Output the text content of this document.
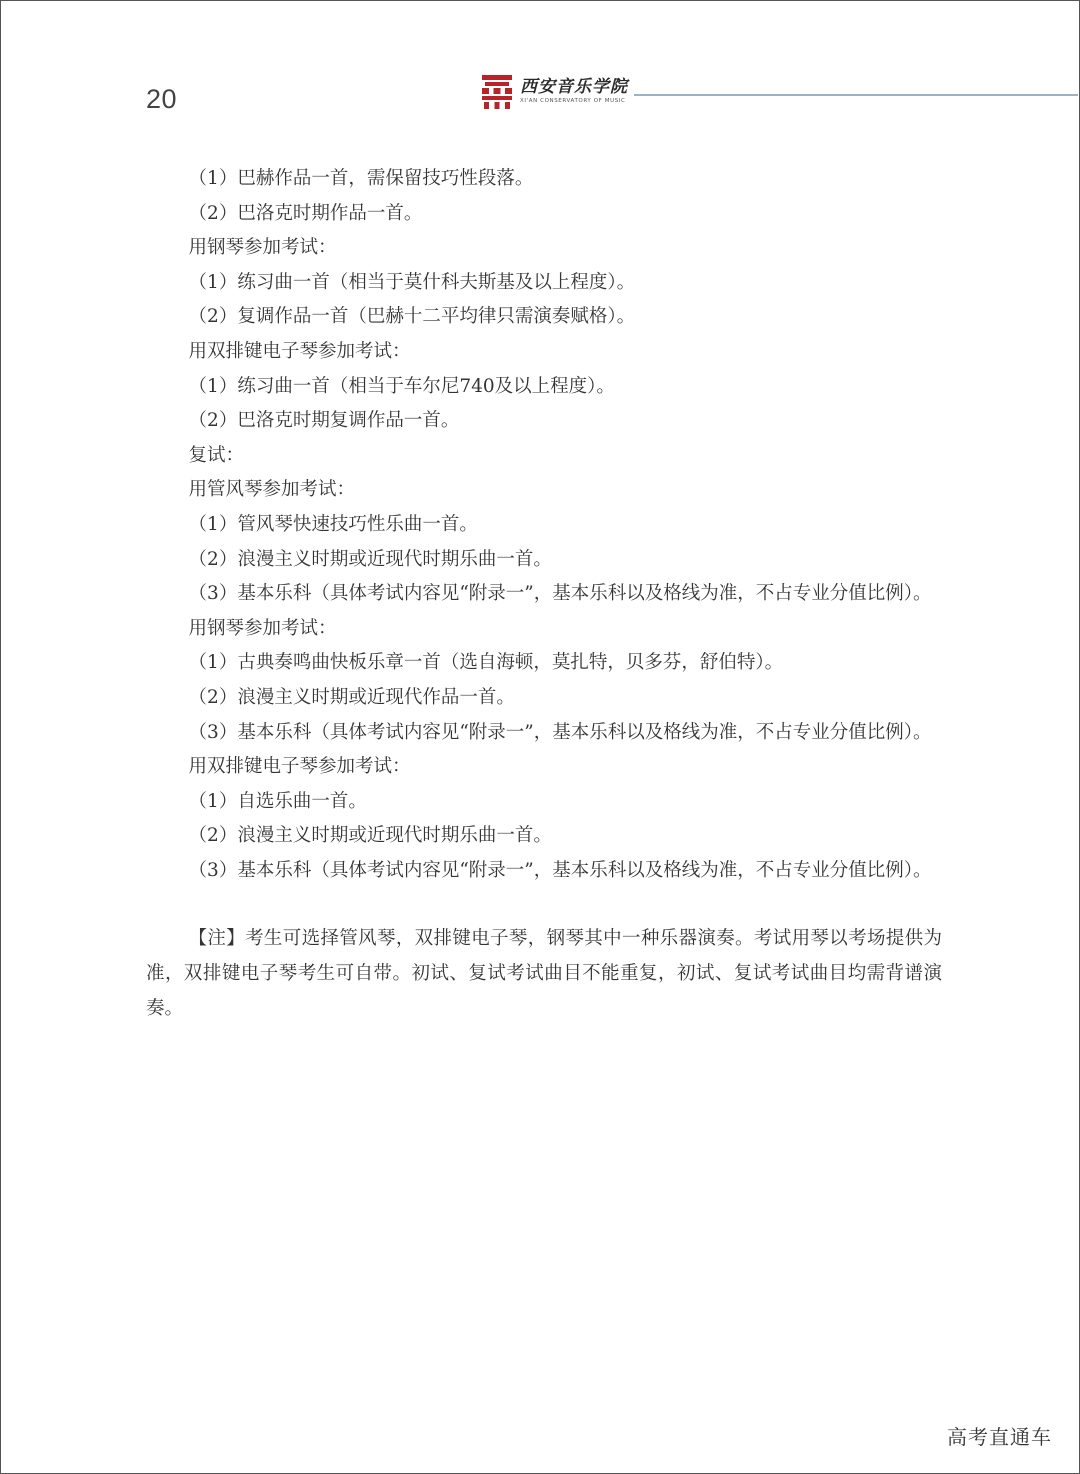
20	西安音乐学院
XI'AN CONSERVATORY OF MUSIC

（1）巴赫作品一首，需保留技巧性段落。

（2）巴洛克时期作品一首。

用钢琴参加考试：

（1）练习曲一首（相当于莫什科夫斯基及以上程度）。

（2）复调作品一首（巴赫十二平均律只需演奏赋格）。

用双排键电子琴参加考试：

（1）练习曲一首（相当于车尔尼740及以上程度）。

（2）巴洛克时期复调作品一首。

复试：

用管风琴参加考试：

（1）管风琴快速技巧性乐曲一首。

（2）浪漫主义时期或近现代时期乐曲一首。

（3）基本乐科（具体考试内容见“附录一”，基本乐科以及格线为准，不占专业分值比例）。

用钢琴参加考试：

（1）古典奏鸣曲快板乐章一首（选自海顿，莫扎特，贝多芬，舒伯特）。

（2）浪漫主义时期或近现代作品一首。

（3）基本乐科（具体考试内容见“附录一”，基本乐科以及格线为准，不占专业分值比例）。

用双排键电子琴参加考试：

（1）自选乐曲一首。

（2）浪漫主义时期或近现代时期乐曲一首。

（3）基本乐科（具体考试内容见“附录一”，基本乐科以及格线为准，不占专业分值比例）。

【注】考生可选择管风琴，双排键电子琴，钢琴其中一种乐器演奏。考试用琴以考场提供为准，双排键电子琴考生可自带。初试、复试考试曲目不能重复，初试、复试考试曲目均需背谱演奏。

高考直通车
